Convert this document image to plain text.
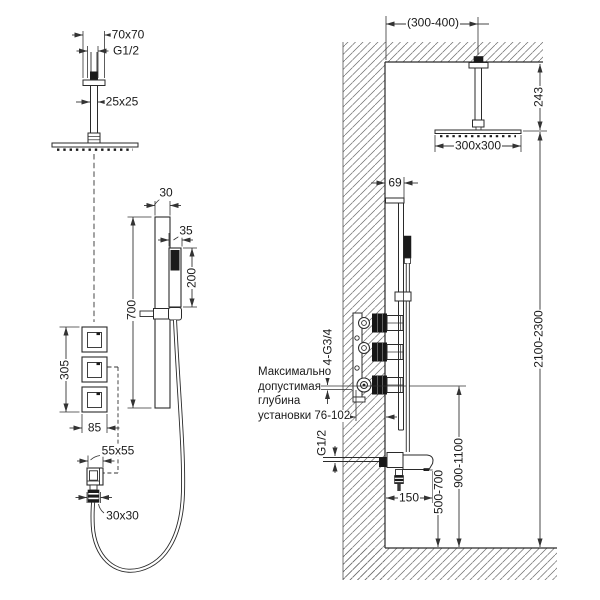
70x70
G1/2
25x25
30
700
35
200
305
85
55x55
30x30
(300-400)
243
300x300
69
4-G3/4
Максимально
допустимая
глубина
установки 76-102
G1/2
150 500-700
900-1100
2100-2300
